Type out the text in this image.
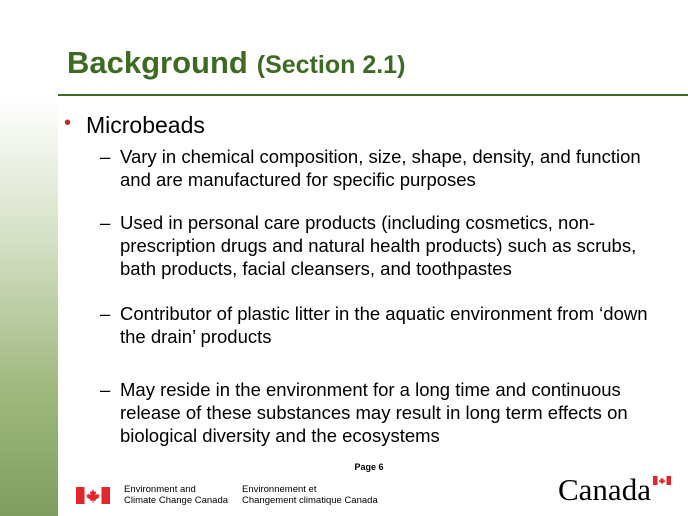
Background (Section 2.1)
• Microbeads
– Vary in chemical composition, size, shape, density, and function and are manufactured for specific purposes
– Used in personal care products (including cosmetics, non-prescription drugs and natural health products) such as scrubs, bath products, facial cleansers, and toothpastes
– Contributor of plastic litter in the aquatic environment from ‘down the drain’ products
– May reside in the environment for a long time and continuous release of these substances may result in long term effects on biological diversity and the ecosystems
Page 6
Environment and
Climate Change Canada
Environnement et
Changement climatique Canada	Canada
